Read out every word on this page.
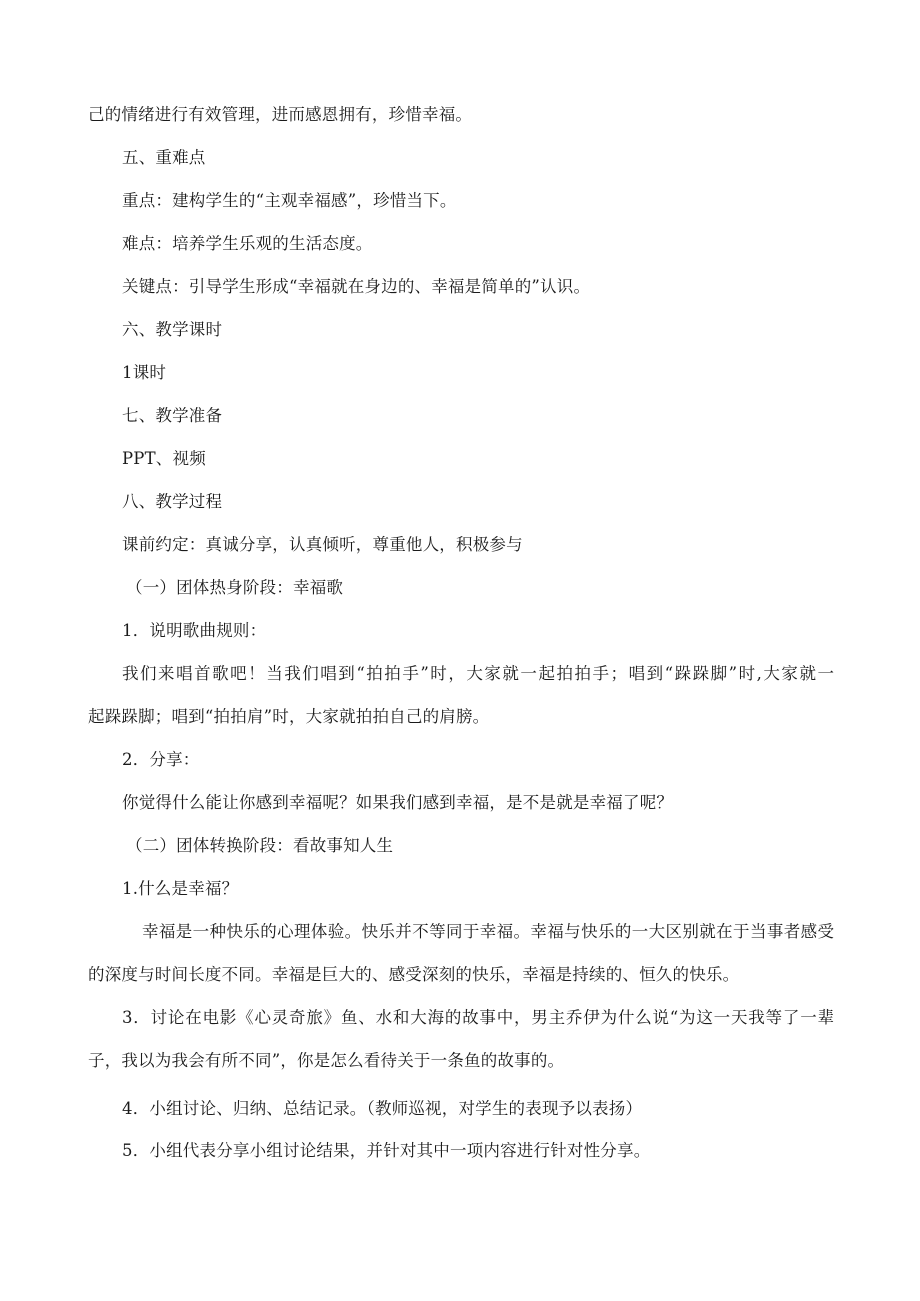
己的情绪进行有效管理，进而感恩拥有，珍惜幸福。
五、重难点
重点：建构学生的“主观幸福感”，珍惜当下。
难点：培养学生乐观的生活态度。
关键点：引导学生形成“幸福就在身边的、幸福是简单的”认识。
六、教学课时
1课时
七、教学准备
PPT、视频
八、教学过程
课前约定：真诚分享，认真倾听，尊重他人，积极参与
（一）团体热身阶段：幸福歌
1．说明歌曲规则：
我们来唱首歌吧！当我们唱到“拍拍手”时，大家就一起拍拍手；唱到“跺跺脚”时,大家就一
起跺跺脚；唱到“拍拍肩”时，大家就拍拍自己的肩膀。
2．分享：
你觉得什么能让你感到幸福呢？如果我们感到幸福，是不是就是幸福了呢？
（二）团体转换阶段：看故事知人生
1.什么是幸福？
幸福是一种快乐的心理体验。快乐并不等同于幸福。幸福与快乐的一大区别就在于当事者感受
的深度与时间长度不同。幸福是巨大的、感受深刻的快乐，幸福是持续的、恒久的快乐。
3．讨论在电影《心灵奇旅》鱼、水和大海的故事中，男主乔伊为什么说“为这一天我等了一辈
子，我以为我会有所不同”，你是怎么看待关于一条鱼的故事的。
4．小组讨论、归纳、总结记录。（教师巡视，对学生的表现予以表扬）
5．小组代表分享小组讨论结果，并针对其中一项内容进行针对性分享。
